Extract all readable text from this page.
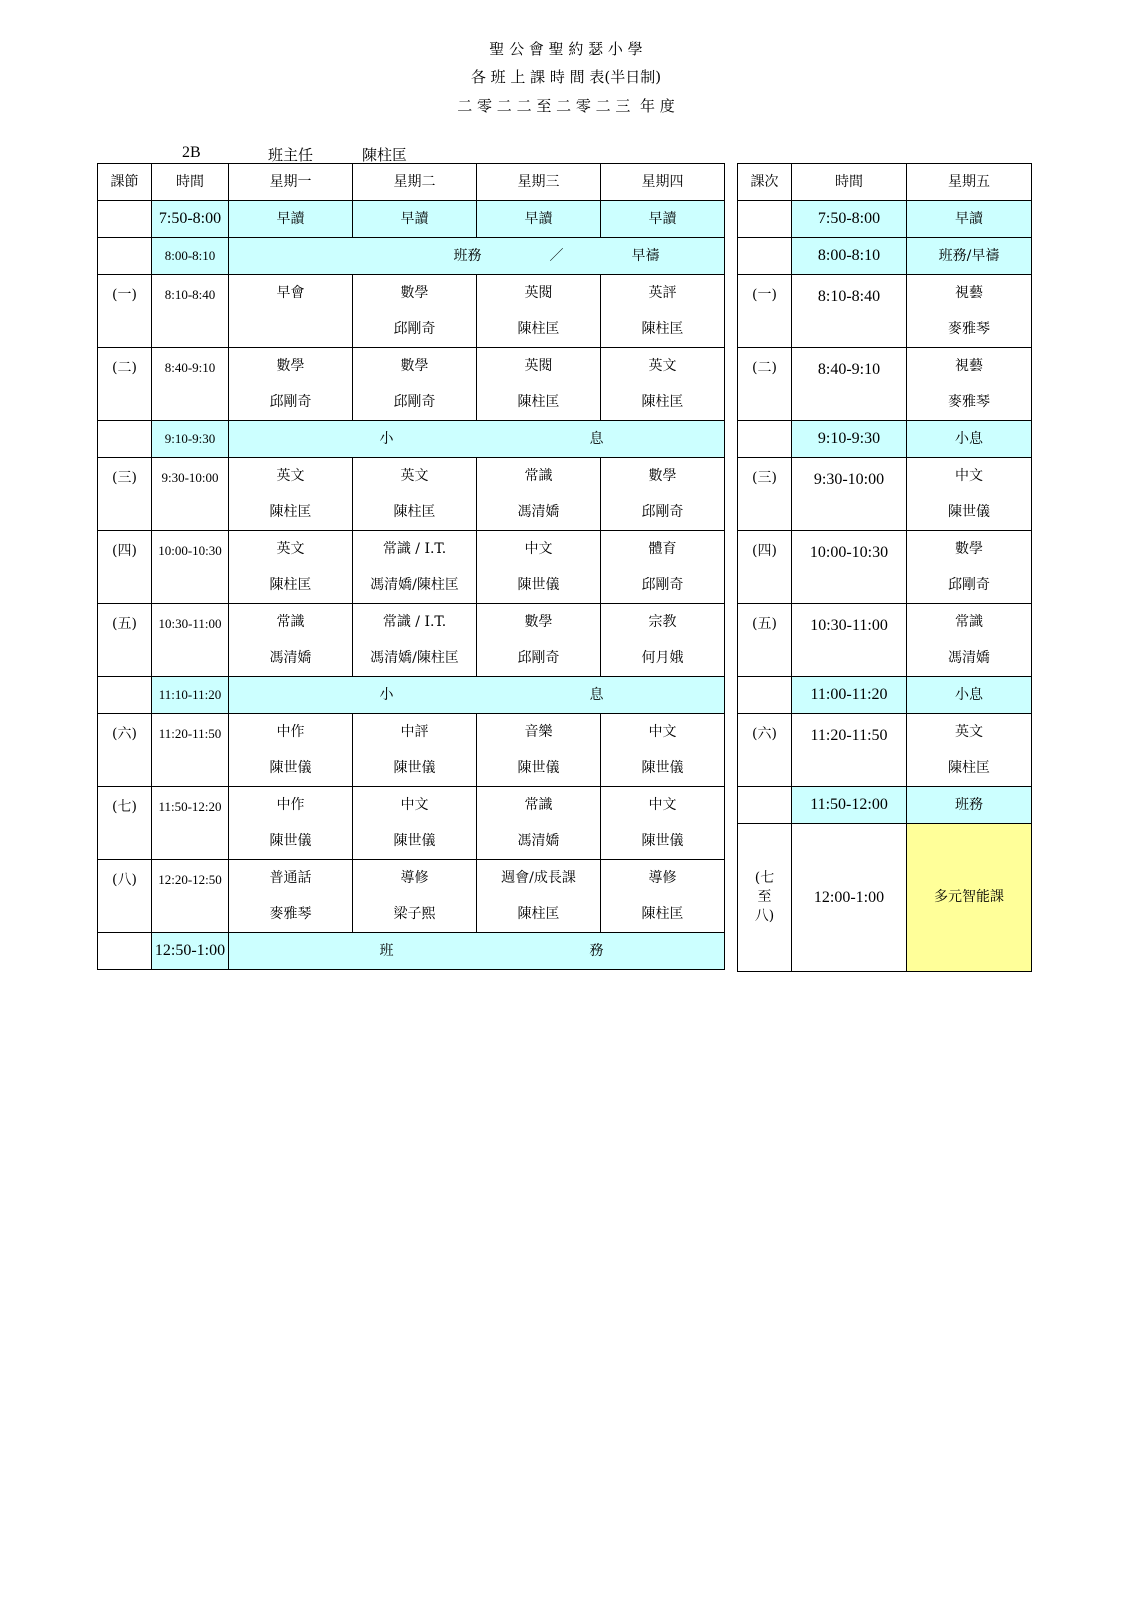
聖 公 會 聖 約 瑟 小 學
各 班 上 課 時 間 表(半日制)
二 零 二 二 至 二 零 二 三  年 度
2B	班主任	陳柱匡
課節	時間	星期一	星期二	星期三	星期四
	7:50-8:00	早讀	早讀	早讀	早讀
	8:00-8:10	班務 ／ 早禱			
(一)	8:10-8:40	早會	數學	英閱	英評
			邱剛奇	陳柱匡	陳柱匡
(二)	8:40-9:10	數學	數學	英閱	英文
		邱剛奇	邱剛奇	陳柱匡	陳柱匡
	9:10-9:30	小 息			
(三)	9:30-10:00	英文	英文	常識	數學
		陳柱匡	陳柱匡	馮清嬌	邱剛奇
(四)	10:00-10:30	英文	常識 / I.T.	中文	體育
		陳柱匡	馮清嬌/陳柱匡	陳世儀	邱剛奇
(五)	10:30-11:00	常識	常識 / I.T.	數學	宗教
		馮清嬌	馮清嬌/陳柱匡	邱剛奇	何月娥
	11:10-11:20	小 息			
(六)	11:20-11:50	中作	中評	音樂	中文
		陳世儀	陳世儀	陳世儀	陳世儀
(七)	11:50-12:20	中作	中文	常識	中文
		陳世儀	陳世儀	馮清嬌	陳世儀
(八)	12:20-12:50	普通話	導修	週會/成長課	導修
		麥雅琴	梁子熙	陳柱匡	陳柱匡
	12:50-1:00	班 務			
課次	時間	星期五
	7:50-8:00	早讀
	8:00-8:10	班務/早禱
(一)	8:10-8:40	視藝
		麥雅琴
(二)	8:40-9:10	視藝
		麥雅琴
	9:10-9:30	小息
(三)	9:30-10:00	中文
		陳世儀
(四)	10:00-10:30	數學
		邱剛奇
(五)	10:30-11:00	常識
		馮清嬌
	11:00-11:20	小息
(六)	11:20-11:50	英文
		陳柱匡
	11:50-12:00	班務

(七
至
八)	12:00-1:00	多元智能課
